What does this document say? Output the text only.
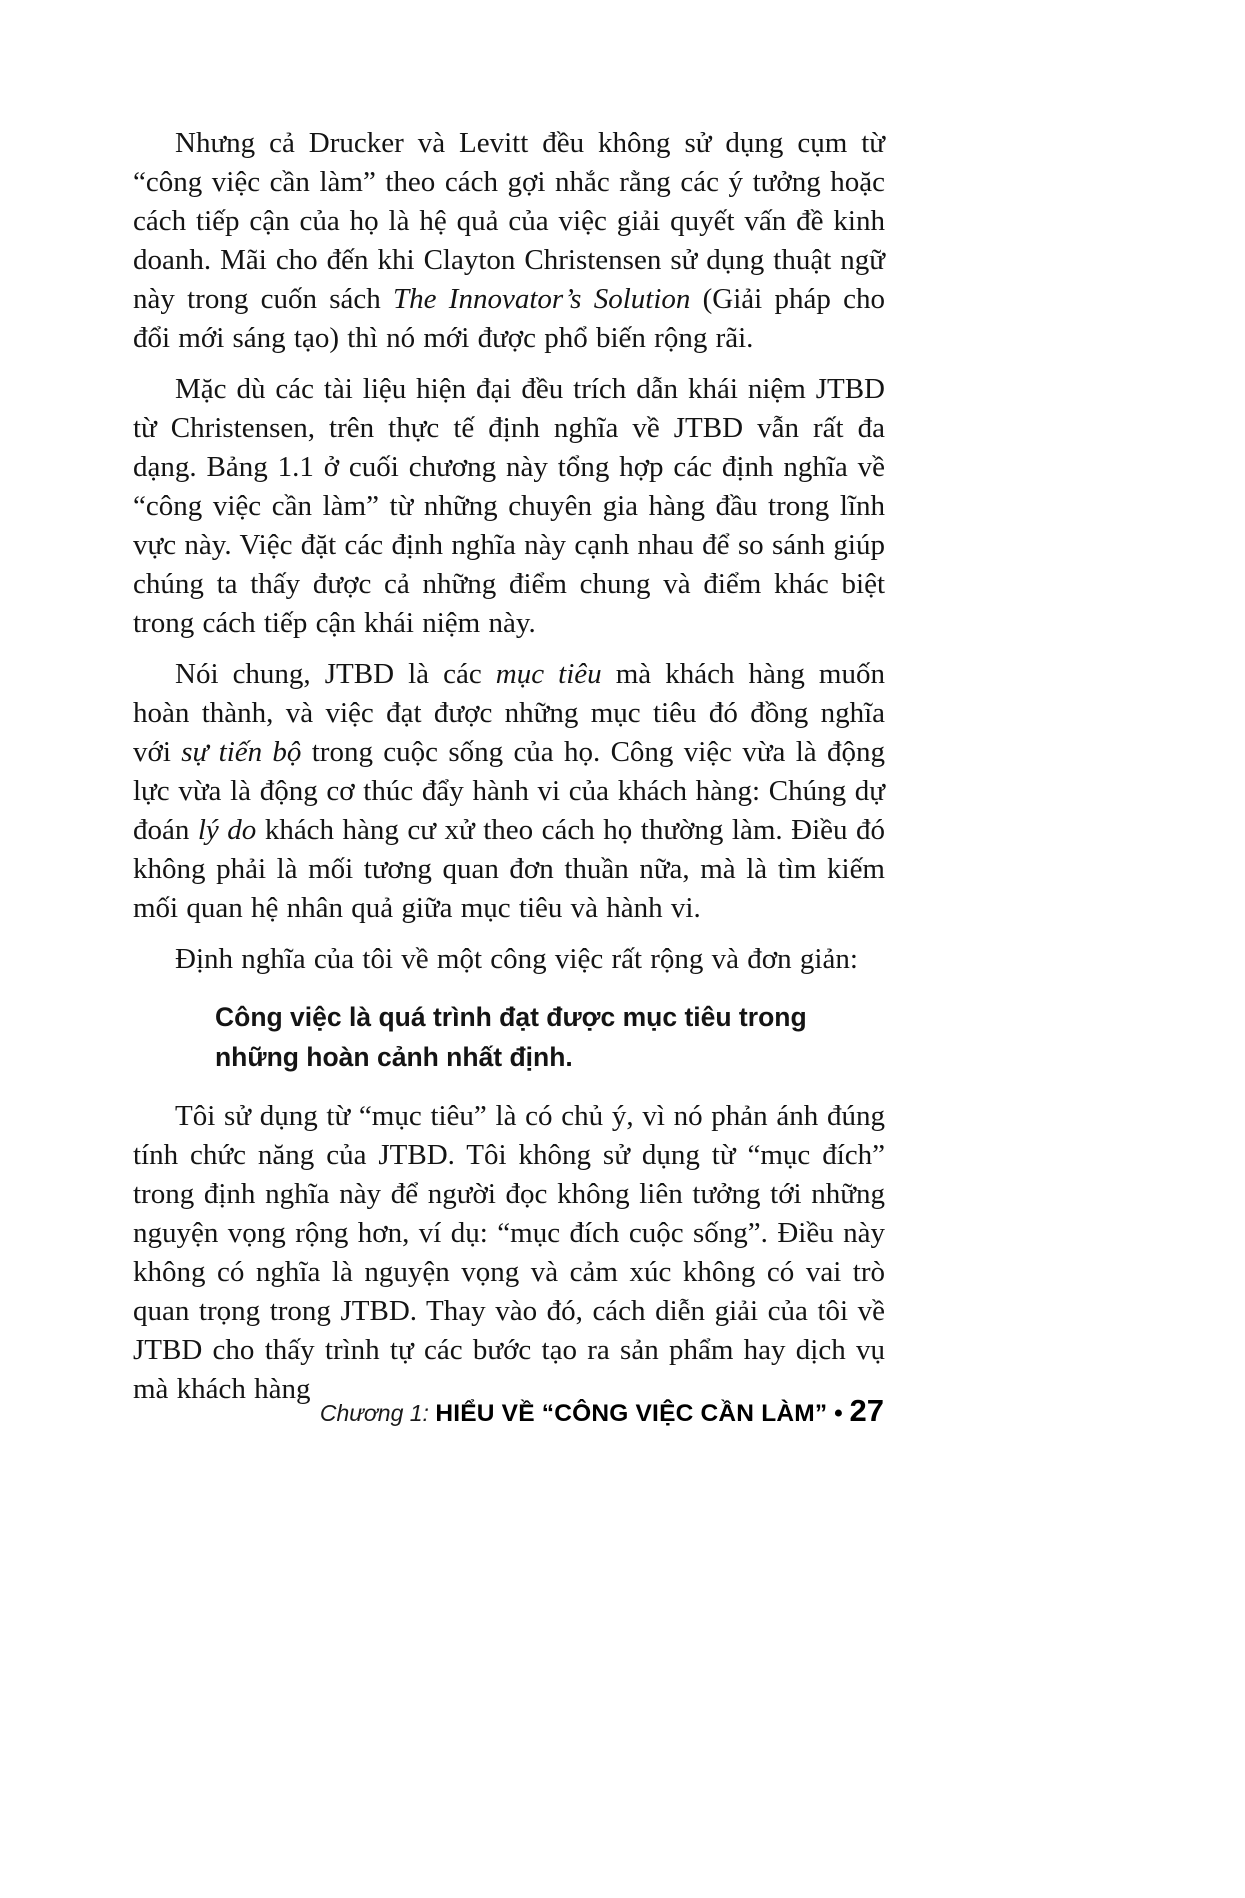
Nhưng cả Drucker và Levitt đều không sử dụng cụm từ “công việc cần làm” theo cách gợi nhắc rằng các ý tưởng hoặc cách tiếp cận của họ là hệ quả của việc giải quyết vấn đề kinh doanh. Mãi cho đến khi Clayton Christensen sử dụng thuật ngữ này trong cuốn sách The Innovator’s Solution (Giải pháp cho đổi mới sáng tạo) thì nó mới được phổ biến rộng rãi.

Mặc dù các tài liệu hiện đại đều trích dẫn khái niệm JTBD từ Christensen, trên thực tế định nghĩa về JTBD vẫn rất đa dạng. Bảng 1.1 ở cuối chương này tổng hợp các định nghĩa về “công việc cần làm” từ những chuyên gia hàng đầu trong lĩnh vực này. Việc đặt các định nghĩa này cạnh nhau để so sánh giúp chúng ta thấy được cả những điểm chung và điểm khác biệt trong cách tiếp cận khái niệm này.

Nói chung, JTBD là các mục tiêu mà khách hàng muốn hoàn thành, và việc đạt được những mục tiêu đó đồng nghĩa với sự tiến bộ trong cuộc sống của họ. Công việc vừa là động lực vừa là động cơ thúc đẩy hành vi của khách hàng: Chúng dự đoán lý do khách hàng cư xử theo cách họ thường làm. Điều đó không phải là mối tương quan đơn thuần nữa, mà là tìm kiếm mối quan hệ nhân quả giữa mục tiêu và hành vi.

Định nghĩa của tôi về một công việc rất rộng và đơn giản:

Công việc là quá trình đạt được mục tiêu trong những hoàn cảnh nhất định.

Tôi sử dụng từ “mục tiêu” là có chủ ý, vì nó phản ánh đúng tính chức năng của JTBD. Tôi không sử dụng từ “mục đích” trong định nghĩa này để người đọc không liên tưởng tới những nguyện vọng rộng hơn, ví dụ: “mục đích cuộc sống”. Điều này không có nghĩa là nguyện vọng và cảm xúc không có vai trò quan trọng trong JTBD. Thay vào đó, cách diễn giải của tôi về JTBD cho thấy trình tự các bước tạo ra sản phẩm hay dịch vụ mà khách hàng

Chương 1: HIỂU VỀ “CÔNG VIỆC CẦN LÀM” • 27
